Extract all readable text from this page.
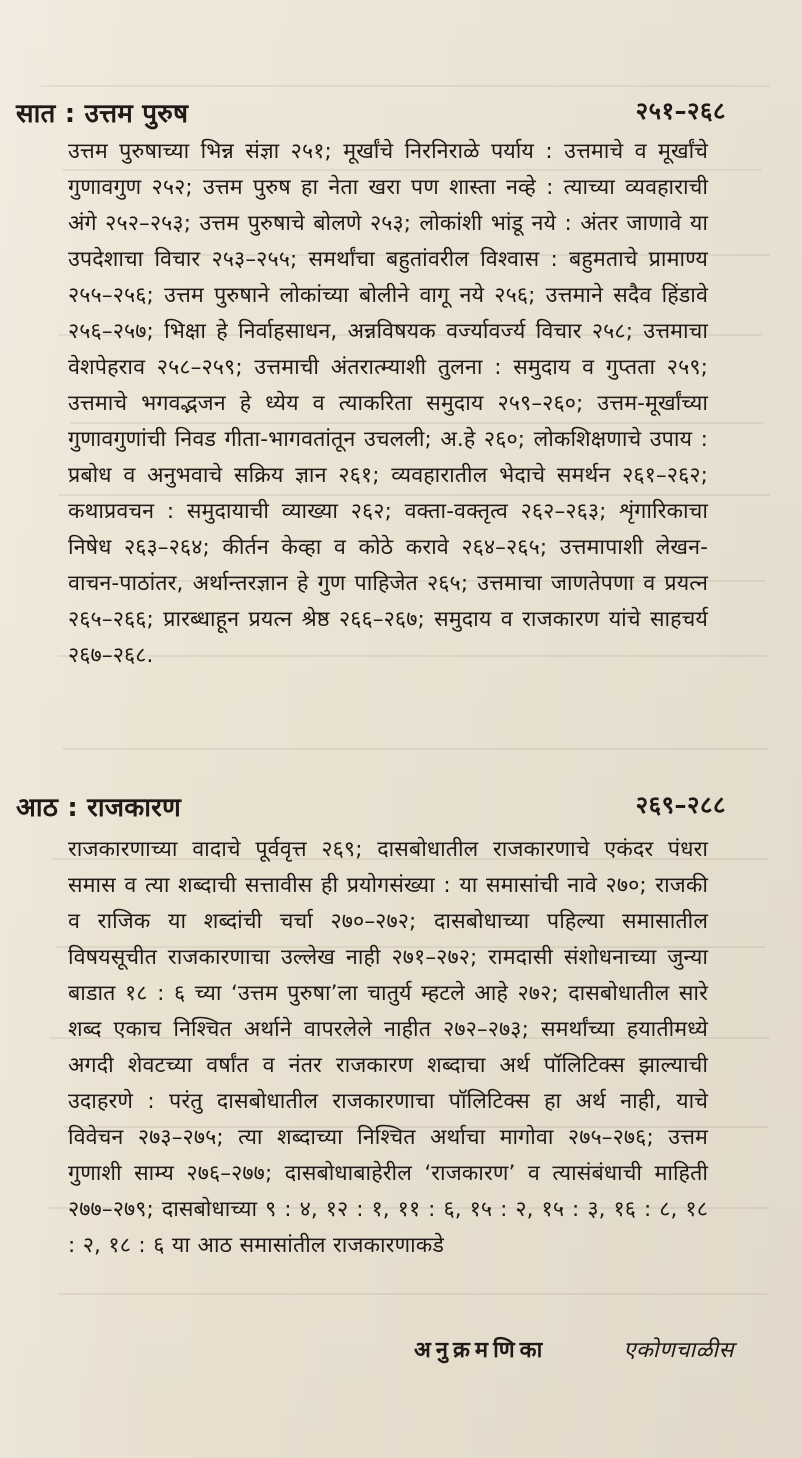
सात : उत्तम पुरुष	२५१–२६८

उत्तम पुरुषाच्या भिन्न संज्ञा २५१; मूर्खांचे निरनिराळे पर्याय : उत्तमाचे व मूर्खांचे गुणावगुण २५२; उत्तम पुरुष हा नेता खरा पण शास्ता नव्हे : त्याच्या व्यवहाराची अंगे २५२–२५३; उत्तम पुरुषाचे बोलणे २५३; लोकांशी भांडू नये : अंतर जाणावे या उपदेशाचा विचार २५३–२५५; समर्थांचा बहुतांवरील विश्वास : बहुमताचे प्रामाण्य २५५–२५६; उत्तम पुरुषाने लोकांच्या बोलीने वागू नये २५६; उत्तमाने सदैव हिंडावे २५६–२५७; भिक्षा हे निर्वाहसाधन, अन्नविषयक वर्ज्यावर्ज्य विचार २५८; उत्तमाचा वेशपेहराव २५८–२५९; उत्तमाची अंतरात्म्याशी तुलना : समुदाय व गुप्तता २५९; उत्तमाचे भगवद्भजन हे ध्येय व त्याकरिता समुदाय २५९–२६०; उत्तम-मूर्खांच्या गुणावगुणांची निवड गीता-भागवतांतून उचलली; अ.हे २६०; लोकशिक्षणाचे उपाय : प्रबोध व अनुभवाचे सक्रिय ज्ञान २६१; व्यवहारातील भेदाचे समर्थन २६१–२६२; कथाप्रवचन : समुदायाची व्याख्या २६२; वक्ता-वक्तृत्व २६२–२६३; शृंगारिकाचा निषेध २६३–२६४; कीर्तन केव्हा व कोठे करावे २६४–२६५; उत्तमापाशी लेखन-वाचन-पाठांतर, अर्थान्तरज्ञान हे गुण पाहिजेत २६५; उत्तमाचा जाणतेपणा व प्रयत्न २६५–२६६; प्रारब्धाहून प्रयत्न श्रेष्ठ २६६–२६७; समुदाय व राजकारण यांचे साहचर्य २६७–२६८.

आठ : राजकारण	२६९–२८८

राजकारणाच्या वादाचे पूर्ववृत्त २६९; दासबोधातील राजकारणाचे एकंदर पंधरा समास व त्या शब्दाची सत्तावीस ही प्रयोगसंख्या : या समासांची नावे २७०; राजकी व राजिक या शब्दांची चर्चा २७०–२७२; दासबोधाच्या पहिल्या समासातील विषयसूचीत राजकारणाचा उल्लेख नाही २७१–२७२; रामदासी संशोधनाच्या जुन्या बाडात १८ : ६ च्या ‘उत्तम पुरुषा’ला चातुर्य म्हटले आहे २७२; दासबोधातील सारे शब्द एकाच निश्चित अर्थाने वापरलेले नाहीत २७२–२७३; समर्थांच्या हयातीमध्ये अगदी शेवटच्या वर्षांत व नंतर राजकारण शब्दाचा अर्थ पॉलिटिक्स झाल्याची उदाहरणे : परंतु दासबोधातील राजकारणाचा पॉलिटिक्स हा अर्थ नाही, याचे विवेचन २७३–२७५; त्या शब्दाच्या निश्चित अर्थाचा मागोवा २७५–२७६; उत्तम गुणाशी साम्य २७६–२७७; दासबोधाबाहेरील ‘राजकारण’ व त्यासंबंधाची माहिती २७७–२७९; दासबोधाच्या ९ : ४, १२ : १, ११ : ६, १५ : २, १५ : ३, १६ : ८, १८ : २, १८ : ६ या आठ समासांतील राजकारणाकडे

अनुक्रमणिका	एकोणचाळीस
